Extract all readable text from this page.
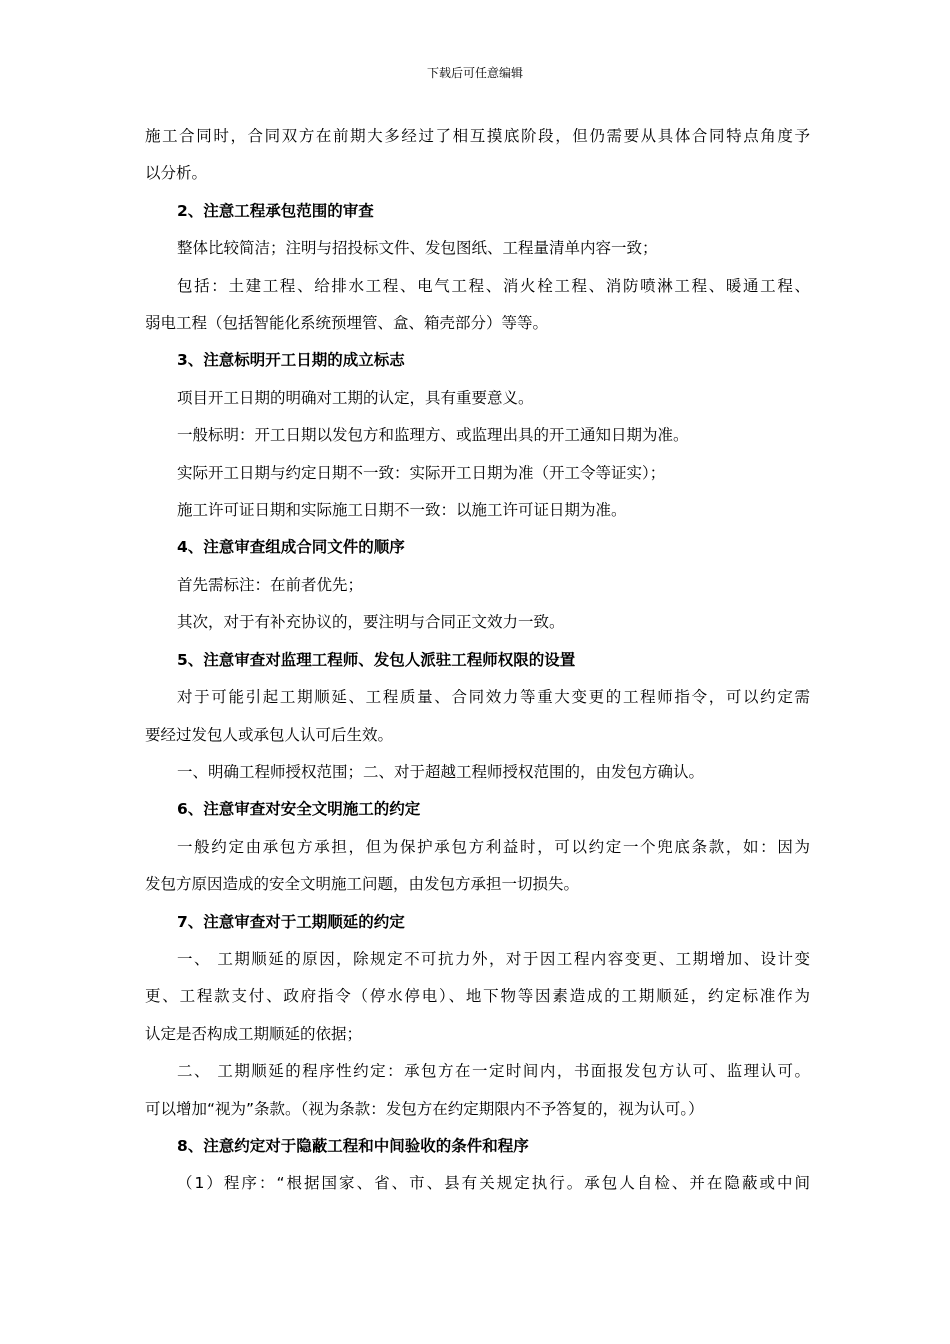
下载后可任意编辑

施工合同时，合同双方在前期大多经过了相互摸底阶段，但仍需要从具体合同特点角度予

以分析。

2、注意工程承包范围的审查

整体比较简洁；注明与招投标文件、发包图纸、工程量清单内容一致；

包括：土建工程、给排水工程、电气工程、消火栓工程、消防喷淋工程、暖通工程、

弱电工程（包括智能化系统预埋管、盒、箱壳部分）等等。

3、注意标明开工日期的成立标志

项目开工日期的明确对工期的认定，具有重要意义。

一般标明：开工日期以发包方和监理方、或监理出具的开工通知日期为准。

实际开工日期与约定日期不一致：实际开工日期为准（开工令等证实）；

施工许可证日期和实际施工日期不一致：以施工许可证日期为准。

4、注意审查组成合同文件的顺序

首先需标注：在前者优先；

其次，对于有补充协议的，要注明与合同正文效力一致。

5、注意审查对监理工程师、发包人派驻工程师权限的设置

对于可能引起工期顺延、工程质量、合同效力等重大变更的工程师指令，可以约定需

要经过发包人或承包人认可后生效。

一、明确工程师授权范围；二、对于超越工程师授权范围的，由发包方确认。

6、注意审查对安全文明施工的约定

一般约定由承包方承担，但为保护承包方利益时，可以约定一个兜底条款，如：因为

发包方原因造成的安全文明施工问题，由发包方承担一切损失。

7、注意审查对于工期顺延的约定

一、 工期顺延的原因，除规定不可抗力外，对于因工程内容变更、工期增加、设计变

更、工程款支付、政府指令（停水停电）、地下物等因素造成的工期顺延，约定标准作为

认定是否构成工期顺延的依据；

二、 工期顺延的程序性约定：承包方在一定时间内，书面报发包方认可、监理认可。

可以增加“视为”条款。（视为条款：发包方在约定期限内不予答复的，视为认可。）

8、注意约定对于隐蔽工程和中间验收的条件和程序

（1）程序：“根据国家、省、市、县有关规定执行。承包人自检、并在隐蔽或中间
